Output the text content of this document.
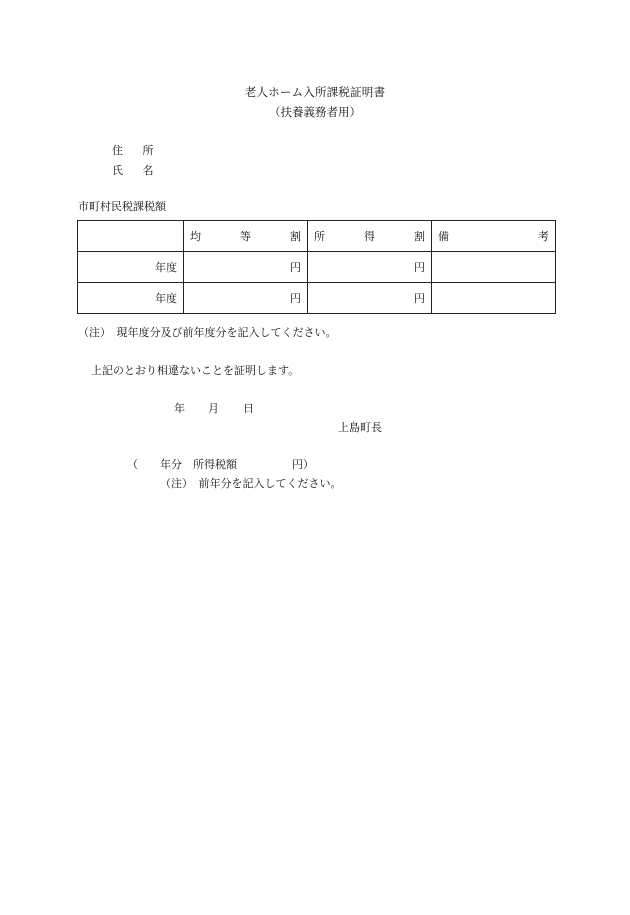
老人ホーム入所課税証明書
（扶養義務者用）
住 所
氏 名
市町村民税課税額

	均 等 割	所 得 割	備 考

年度	円	円	
年度	円	円	
（注）　現年度分及び前年度分を記入してください。
上記のとおり相違ないことを証明します。
年 月 日
上島町長
（　　年分　所得税額　　　　　円）
（注）　前年分を記入してください。
